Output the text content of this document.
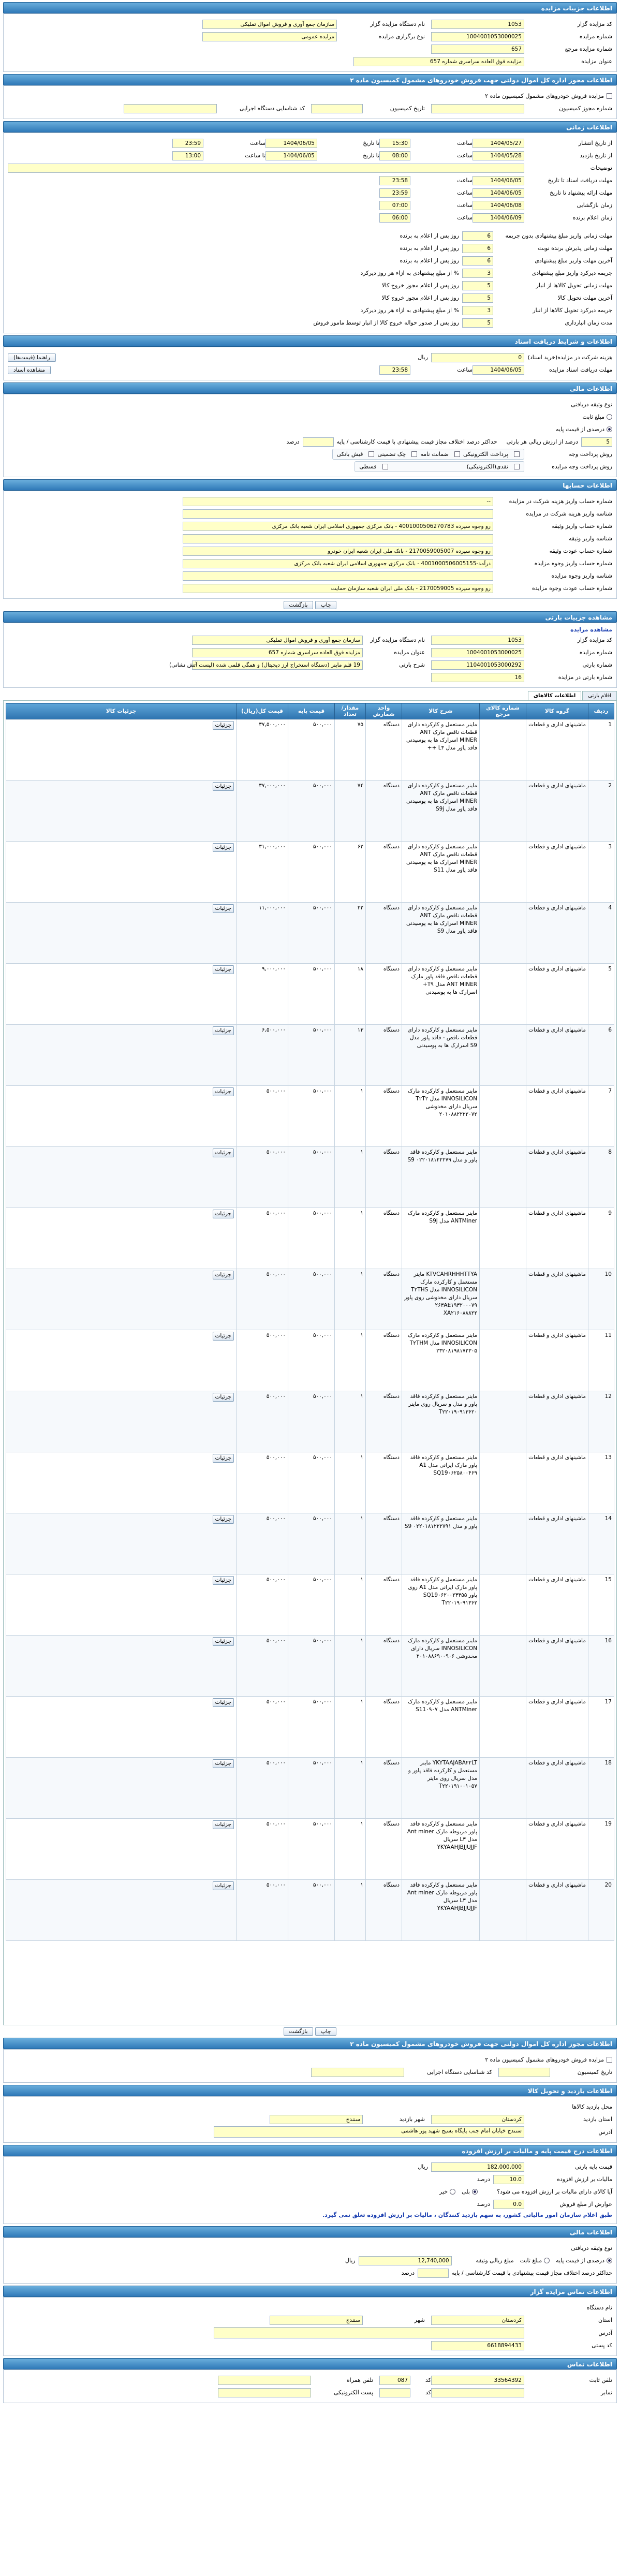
اطلاعات جزییات مزایده
کد مزایده گزار
1053
نام دستگاه مزایده گزار
سازمان جمع آوری و فروش اموال تملیکی
شماره مزایده
1004001053000025
نوع برگزاری مزایده
مزایده عمومی
شماره مزایده مرجع
657
عنوان مزایده
مزایده فوق العاده سراسری شماره 657
اطلاعات مجوز اداره کل اموال دولتی جهت فروش خودروهای مشمول کمیسیون ماده ۲
مزایده فروش خودروهای مشمول کمیسیون ماده ۲
شماره مجوز کمیسیون
تاریخ کمیسیون
کد شناسایی دستگاه اجرایی
اطلاعات زمانی
از تاریخ انتشار
1404/05/27
ساعت
15:30
تا تاریخ
1404/06/05
ساعت
23:59
از تاریخ بازدید
1404/05/28
ساعت
08:00
تا تاریخ
1404/06/05
تا ساعت
13:00
توضیحات
مهلت دریافت اسناد تا تاریخ
1404/06/05
ساعت
23:58
مهلت ارائه پیشنهاد تا تاریخ
1404/06/05
ساعت
23:59
زمان بازگشایی
1404/06/08
ساعت
07:00
زمان اعلام برنده
1404/06/09
ساعت
06:00
مهلت زمانی واریز مبلغ پیشنهادی بدون جریمه
6
روز پس از اعلام به برنده
مهلت زمانی پذیرش برنده نوبت
6
روز پس از اعلام به برنده
آخرین مهلت واریز مبلغ پیشنهادی
6
روز پس از اعلام به برنده
جریمه دیرکرد واریز مبلغ پیشنهادی
3
% از مبلغ پیشنهادی به ازاء هر روز دیرکرد
مهلت زمانی تحویل کالاها از انبار
5
روز پس از اعلام مجوز خروج کالا
آخرین مهلت تحویل کالا
5
روز پس از اعلام مجوز خروج کالا
جریمه دیرکرد تحویل کالاها از انبار
3
% از مبلغ پیشنهادی به ازاء هر روز دیرکرد
مدت زمان انبارداری
5
روز پس از صدور حواله خروج کالا از انبار توسط مامور فروش
اطلاعات و شرایط دریافت اسناد
هزینه شرکت در مزایده(خرید اسناد)
0
ریال
راهنما (قیمت‌ها)
مهلت دریافت اسناد مزایده
1404/06/05
ساعت
23:58
مشاهده اسناد
اطلاعات مالی
نوع وثیقه دریافتی
مبلغ ثابت
درصدی از قیمت پایه
5
درصد از ارزش ریالی هر بارتی
حداکثر درصد اختلاف مجاز قیمت پیشنهادی با قیمت کارشناسی / پایه
درصد
روش پرداخت وجه
پرداخت الکترونیکی
ضمانت نامه
چک تضمینی
فیش بانکی
روش پرداخت وجه مزایده
نقدی(الکترونیکی)
قسطی
اطلاعات حسابها
شماره حساب واریز هزینه شرکت در مزایده
--
شناسه واریز هزینه شرکت در مزایده
شماره حساب واریز وثیقه
رو وجوه سپرده 4001000506270783 - بانک مرکزی جمهوری اسلامی ایران شعبه بانک مرکزی
شناسه واریز وثیقه
شماره حساب عودت وثیقه
رو وجوه سپرده 2170059005007 - بانک ملی ایران شعبه ایران خودرو
شماره حساب واریز وجوه مزایده
درآمد-4001000506005155 - بانک مرکزی جمهوری اسلامی ایران شعبه بانک مرکزی
شناسه واریز وجوه مزایده
شماره حساب عودت وجوه مزایده
رو وجوه سپرده 2170059005 - بانک ملی ایران شعبه سازمان حمایت
چاپ بازگشت
مشاهده جزییات بارتی
مشاهده مزایده
کد مزایده گزار
1053
نام دستگاه مزایده گزار
سازمان جمع آوری و فروش اموال تملیکی
شماره مزایده
1004001053000025
عنوان مزایده
مزایده فوق العاده سراسری شماره 657
شماره بارتی
1104001053000292
شرح بارتی
19 قلم ماینر (دستگاه استخراج ارز دیجیتال) و همگی قلمی شده (لیست آتش نشانی)
شماره بارتی در مزایده
16
اقلام بارتی
اطلاعات کالاهای
ردیف	گروه کالا	شماره کالای مرجع	شرح کالا	واحد شمارش	مقدار/تعداد	قیمت پایه	قیمت کل(ریال)	جزئیات کالا
1	ماشینهای اداری و قطعات		ماینر مستعمل و کارکرده دارای قطعات ناقص مارک ANT MINER اسرارک ها به پوسیدنی فاقد پاور مدل L۳ ++	دستگاه	۷۵	۵۰۰,۰۰۰	۳۷,۵۰۰,۰۰۰	جزئیات
2	ماشینهای اداری و قطعات		ماینر مستعمل و کارکرده دارای قطعات ناقص مارک ANT MINER اسرارک ها به پوسیدنی فاقد پاور مدل S9j	دستگاه	۷۴	۵۰۰,۰۰۰	۳۷,۰۰۰,۰۰۰	جزئیات
3	ماشینهای اداری و قطعات		ماینر مستعمل و کارکرده دارای قطعات ناقص مارک ANT MINER اسرارک ها به پوسیدنی فاقد پاور مدل S11	دستگاه	۶۲	۵۰۰,۰۰۰	۳۱,۰۰۰,۰۰۰	جزئیات
4	ماشینهای اداری و قطعات		ماینر مستعمل و کارکرده دارای قطعات ناقص مارک ANT MINER اسرارک ها به پوسیدنی فاقد پاور مدل S9	دستگاه	۲۲	۵۰۰,۰۰۰	۱۱,۰۰۰,۰۰۰	جزئیات
5	ماشینهای اداری و قطعات		ماینر مستعمل و کارکرده دارای قطعات ناقص فاقد پاور مارک ANT MINER مدل T۹+ اسرارک ها به پوسیدنی	دستگاه	۱۸	۵۰۰,۰۰۰	۹,۰۰۰,۰۰۰	جزئیات
6	ماشینهای اداری و قطعات		ماینر مستعمل و کارکرده دارای قطعات ناقص - فاقد پاور مدل S9 اسرارک ها به پوسیدنی	دستگاه	۱۳	۵۰۰,۰۰۰	۶,۵۰۰,۰۰۰	جزئیات
7	ماشینهای اداری و قطعات		ماینر مستعمل و کارکرده مارک INNOSILICON مدل T۲T۲ سریال دارای مخدوشی ۲۰۱۰۸۸۲۲۲۲۰۷۲	دستگاه	۱	۵۰۰,۰۰۰	۵۰۰,۰۰۰	جزئیات
8	ماشینهای اداری و قطعات		ماینر مستعمل و کارکرده فاقد پاور و مدل S9 ۰۲۲۰۱۸۱۲۲۲۷۹	دستگاه	۱	۵۰۰,۰۰۰	۵۰۰,۰۰۰	جزئیات
9	ماشینهای اداری و قطعات		ماینر مستعمل و کارکرده مارک ANTMiner مدل S9j	دستگاه	۱	۵۰۰,۰۰۰	۵۰۰,۰۰۰	جزئیات
10	ماشینهای اداری و قطعات		KTVCAHRHHHTTYA ماینر مستعمل و کارکرده مارک INNOSILICON مدل T۲THS سریال دارای مخدوشی روی پاور ۲۶۳AE۱۹۳۲۰۰۰۷۹ XA۲۱۶۰۸۸۸۲۲	دستگاه	۱	۵۰۰,۰۰۰	۵۰۰,۰۰۰	جزئیات
11	ماشینهای اداری و قطعات		ماینر مستعمل و کارکرده مارک INNOSILICON مدل T۲THM ۲۳۲۰۸۱۹۸۱۷۲۳۰۵	دستگاه	۱	۵۰۰,۰۰۰	۵۰۰,۰۰۰	جزئیات
12	ماشینهای اداری و قطعات		ماینر مستعمل و کارکرده فاقد پاور و مدل و سریال روی ماینر T۲۲۰۱۹۰۹۱۳۶۲۰	دستگاه	۱	۵۰۰,۰۰۰	۵۰۰,۰۰۰	جزئیات
13	ماشینهای اداری و قطعات		ماینر مستعمل و کارکرده فاقد پاور مارک ایرانی مدل A1 SQ19۰۶۲۵۸۰۰۴۶۹	دستگاه	۱	۵۰۰,۰۰۰	۵۰۰,۰۰۰	جزئیات
14	ماشینهای اداری و قطعات		ماینر مستعمل و کارکرده فاقد پاور و مدل S9 ۰۲۲۰۱۸۱۲۲۲۷۹۱	دستگاه	۱	۵۰۰,۰۰۰	۵۰۰,۰۰۰	جزئیات
15	ماشینهای اداری و قطعات		ماینر مستعمل و کارکرده فاقد پاور مارک ایرانی مدل A1 روی پاور SQ19۰۶۲۰۰۲۳۴۵۵ T۲۲۰۱۹۰۹۱۳۶۲	دستگاه	۱	۵۰۰,۰۰۰	۵۰۰,۰۰۰	جزئیات
16	ماشینهای اداری و قطعات		ماینر مستعمل و کارکرده مارک INNOSILICON سریال دارای مخدوشی ۲۰۱۰۸۸۶۹۰۰۹۰۶	دستگاه	۱	۵۰۰,۰۰۰	۵۰۰,۰۰۰	جزئیات
17	ماشینهای اداری و قطعات		ماینر مستعمل و کارکرده مارک ANTMiner مدل S11۰۹۰۷	دستگاه	۱	۵۰۰,۰۰۰	۵۰۰,۰۰۰	جزئیات
18	ماشینهای اداری و قطعات		YKYTAAJABA۲۲LT ماینر مستعمل و کارکرده فاقد پاور و مدل سریال روی ماینر T۲۲۰۱۹۱۰۰۱۰۵۷	دستگاه	۱	۵۰۰,۰۰۰	۵۰۰,۰۰۰	جزئیات
19	ماشینهای اداری و قطعات		ماینر مستعمل و کارکرده فاقد پاور مربوطه مارک Ant miner مدل L۳ سریال YKYAAHJBJJUJJF	دستگاه	۱	۵۰۰,۰۰۰	۵۰۰,۰۰۰	جزئیات
20	ماشینهای اداری و قطعات		ماینر مستعمل و کارکرده فاقد پاور مربوطه مارک Ant miner مدل L۳ سریال YKYAAHJBJJUJJF	دستگاه	۱	۵۰۰,۰۰۰	۵۰۰,۰۰۰	جزئیات
چاپ بازگشت
اطلاعات مجوز اداره کل اموال دولتی جهت فروش خودروهای مشمول کمیسیون ماده ۲
مزایده فروش خودروهای مشمول کمیسیون ماده ۲
تاریخ کمیسیون
کد شناسایی دستگاه اجرایی
اطلاعات بازدید و تحویل کالا
محل بازدید کالاها
استان بازدید
کردستان
شهر بازدید
سنندج
آدرس
سنندج خیابان امام جنب پایگاه بسیج شهید پور هاشمی
اطلاعات درج قیمت پایه و مالیات بر ارزش افزوده
قیمت پایه بارتی
182,000,000
ریال
مالیات بر ارزش افزوده
10.0
درصد
آیا کالای دارای مالیات بر ارزش افزوده می شود؟
بلی
خیر
عوارض از مبلغ فروش
0.0
درصد
طبق اعلام سازمان امور مالیاتی کشور، به سهم بازدید کنندگان ، مالیات بر ارزش افزوده تعلق نمی گیرد.
اطلاعات مالی
نوع وثیقه دریافتی
درصدی از قیمت پایه
مبلغ ثابت
مبلغ ریالی وثیقه
12,740,000
ریال
حداکثر درصد اختلاف مجاز قیمت پیشنهادی با قیمت کارشناسی / پایه
درصد
اطلاعات تماس مزایده گزار
نام دستگاه
استان
کردستان
شهر
سنندج
آدرس
کد پستی
6618894433
اطلاعات تماس
تلفن ثابت
33564392
کد
087
تلفن همراه
نمابر
کد
پست الکترونیکی
